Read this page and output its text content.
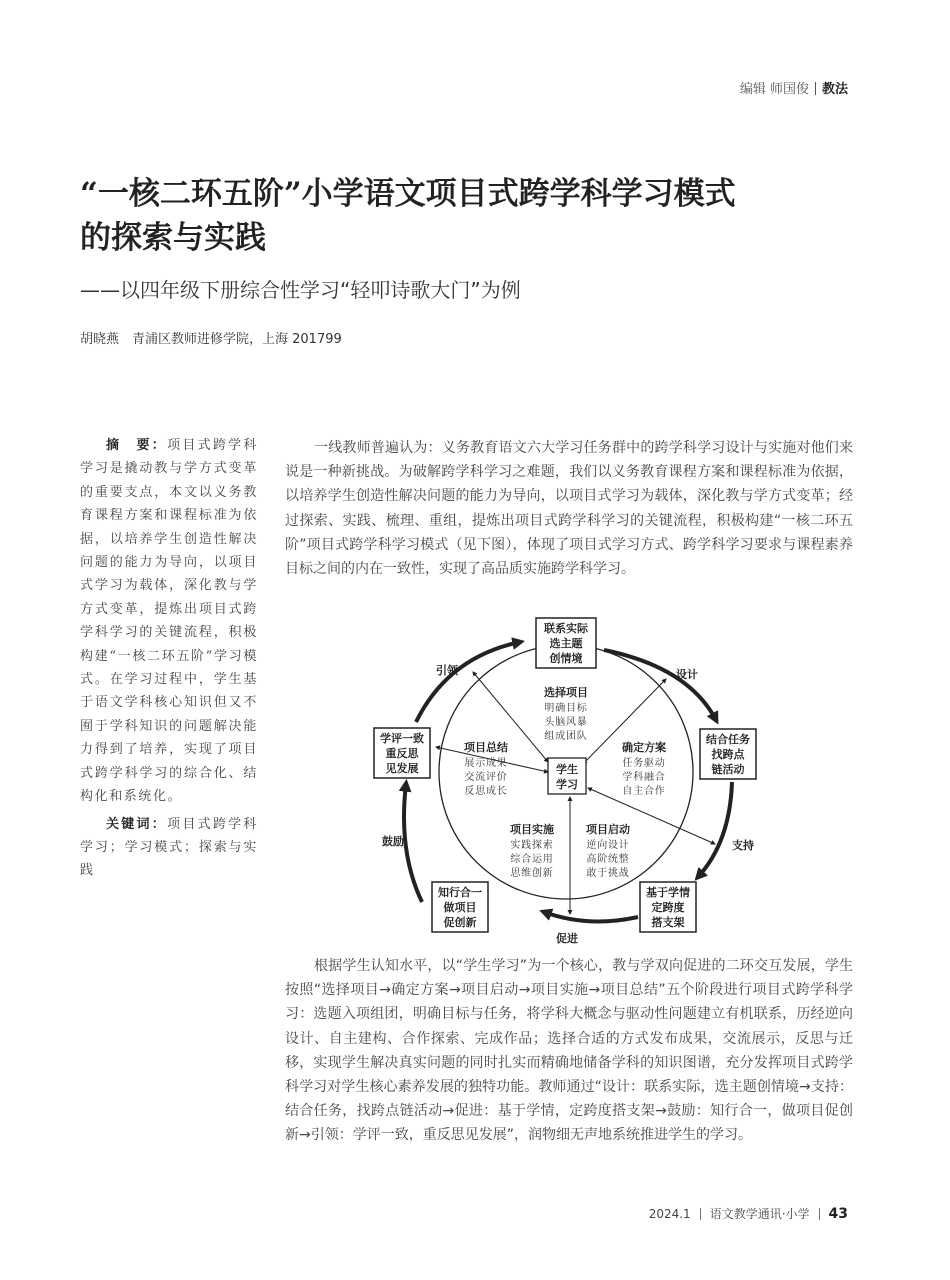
编辑 师国俊 教法
“一核二环五阶”小学语文项目式跨学科学习模式
的探索与实践
——以四年级下册综合性学习“轻叩诗歌大门”为例
胡晓燕　青浦区教师进修学院，上海 201799

摘　要：项目式跨学科学习是撬动教与学方式变革的重要支点，本文以义务教育课程方案和课程标准为依据，以培养学生创造性解决问题的能力为导向，以项目式学习为载体，深化教与学方式变革，提炼出项目式跨学科学习的关键流程，积极构建“一核二环五阶”学习模式。在学习过程中，学生基于语文学科核心知识但又不囿于学科知识的问题解决能力得到了培养，实现了项目式跨学科学习的综合化、结构化和系统化。

关键词：项目式跨学科学习；学习模式；探索与实践

一线教师普遍认为：义务教育语文六大学习任务群中的跨学科学习设计与实施对他们来说是一种新挑战。为破解跨学科学习之难题，我们以义务教育课程方案和课程标准为依据，以培养学生创造性解决问题的能力为导向，以项目式学习为载体，深化教与学方式变革；经过探索、实践、梳理、重组，提炼出项目式跨学科学习的关键流程，积极构建“一核二环五阶”项目式跨学科学习模式（见下图），体现了项目式学习方式、跨学科学习要求与课程素养目标之间的内在一致性，实现了高品质实施跨学科学习。

联系实际
选主题
创情境
结合任务
找跨点
链活动
基于学情
定跨度
搭支架
知行合一
做项目
促创新
学评一致
重反思
见发展
设计
支持
促进
鼓励
引领
学生
学习
选择项目
明确目标
头脑风暴
组成团队
确定方案
任务驱动
学科融合
自主合作
项目启动
逆向设计
高阶统整
敢于挑战
项目实施
实践探索
综合运用
思维创新
项目总结
展示成果
交流评价
反思成长

根据学生认知水平，以“学生学习”为一个核心，教与学双向促进的二环交互发展，学生按照“选择项目→确定方案→项目启动→项目实施→项目总结”五个阶段进行项目式跨学科学习：选题入项组团，明确目标与任务，将学科大概念与驱动性问题建立有机联系，历经逆向设计、自主建构、合作探索、完成作品；选择合适的方式发布成果，交流展示，反思与迁移，实现学生解决真实问题的同时扎实而精确地储备学科的知识图谱，充分发挥项目式跨学科学习对学生核心素养发展的独特功能。教师通过“设计：联系实际，选主题创情境→支持：结合任务，找跨点链活动→促进：基于学情，定跨度搭支架→鼓励：知行合一，做项目促创新→引领：学评一致，重反思见发展”，润物细无声地系统推进学生的学习。

2024.1 语文教学通讯·小学 43
